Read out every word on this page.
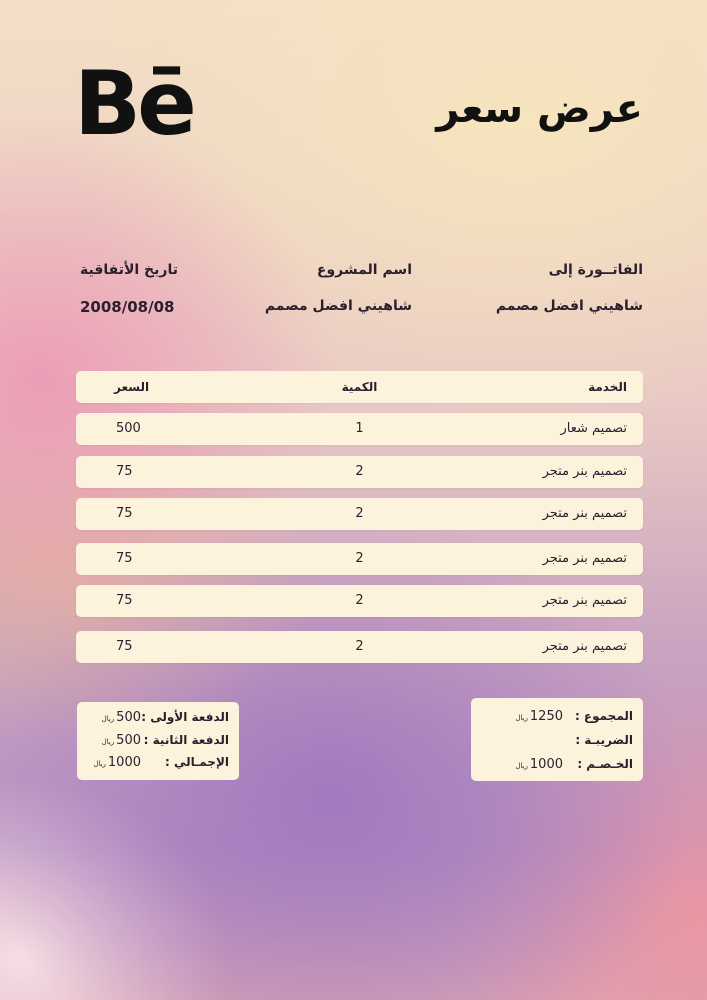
Bē	عرض سعر
الفاتــورة إلى
شاهيني افضل مصمم
اسم المشروع
شاهيني افضل مصمم
تاريخ الأتفاقية
2008/08/08
الخدمة
الكمية
السعر
تصميم شعار
1
500
تصميم بنر متجر
2
75
تصميم بنر متجر
2
75
تصميم بنر متجر
2
75
تصميم بنر متجر
2
75
تصميم بنر متجر
2
75
المجموع :
1250ريال
الضريبـة :
الخـصـم :
1000ريال
الدفعة الأولى :
500ريال
الدفعة الثانية :
500ريال
الإجمـالي :
1000ريال
